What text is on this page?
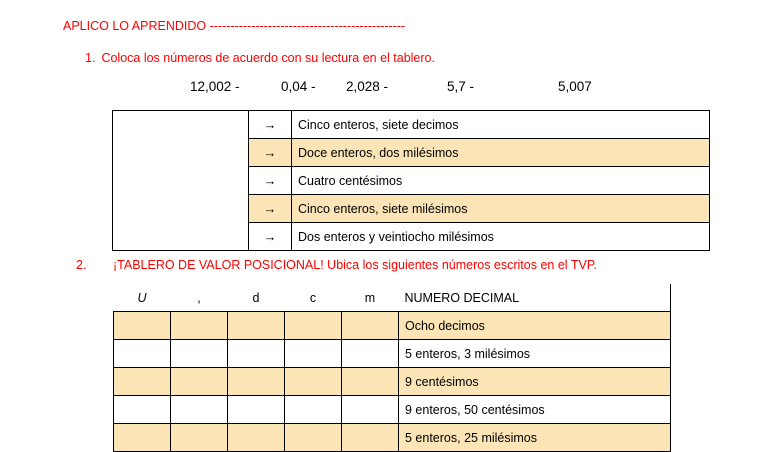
APLICO LO APRENDIDO -----------------------------------------------
1. Coloca los números de acuerdo con su lectura en el tablero.
12,002 -	0,04 - 2,028 -	5,7 -	5,007
	→	Cinco enteros, siete decimos
	→	Doce enteros, dos milésimos
	→	Cuatro centésimos
	→	Cinco enteros, siete milésimos
	→	Dos enteros y veintiocho milésimos
2. ¡TABLERO DE VALOR POSICIONAL! Ubica los siguientes números escritos en el TVP.
U	,	d	c	m	NUMERO DECIMAL
					Ocho decimos
					5 enteros, 3 milésimos
					9 centésimos
					9 enteros, 50 centésimos
					5 enteros, 25 milésimos
